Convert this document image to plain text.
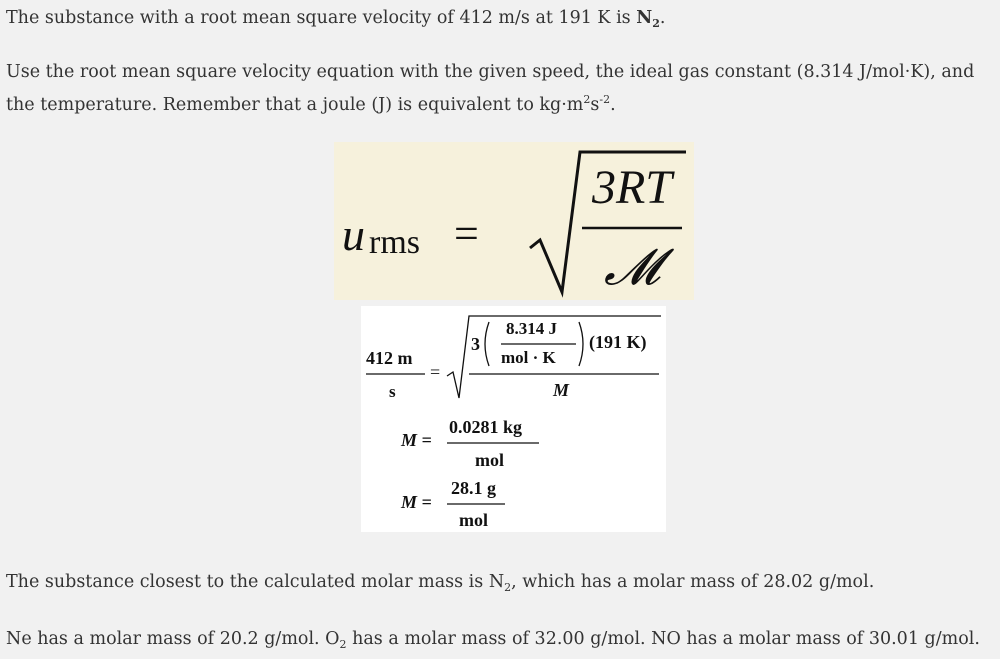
The substance with a root mean square velocity of 412 m/s at 191 K is $N_2$.

Use the root mean square velocity equation with the given speed, the ideal gas constant (8.314 J/mol·K), and the temperature. Remember that a joule (J) is equivalent to $kg\cdot m^2s^{-2}$.

u rms =
3RT
𝓜
412 m
s
=
3
8.314 J
mol · K
(191 K)
M
M =
0.0281 kg
mol
M =
28.1 g
mol

The substance closest to the calculated molar mass is $N_2$, which has a molar mass of 28.02 g/mol.

Ne has a molar mass of 20.2 g/mol. $O_2$ has a molar mass of 32.00 g/mol. NO has a molar mass of 30.01 g/mol.
